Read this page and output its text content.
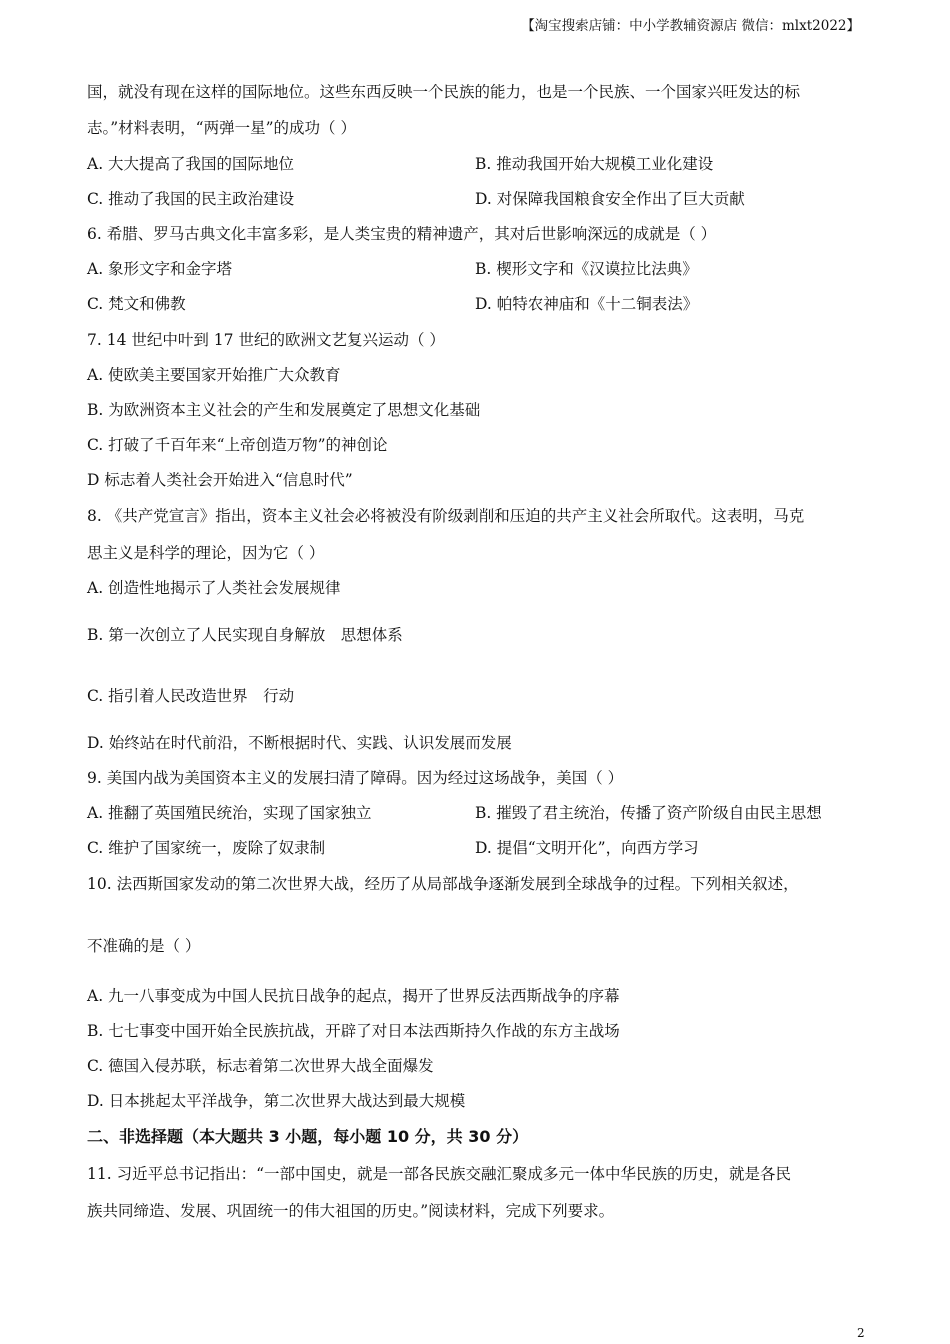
【淘宝搜索店铺：中小学教辅资源店 微信：mlxt2022】
国，就没有现在这样的国际地位。这些东西反映一个民族的能力，也是一个民族、一个国家兴旺发达的标
志。”材料表明，“两弹一星”的成功（ ）
A. 大大提高了我国的国际地位	B. 推动我国开始大规模工业化建设
C. 推动了我国的民主政治建设	D. 对保障我国粮食安全作出了巨大贡献
6. 希腊、罗马古典文化丰富多彩，是人类宝贵的精神遗产，其对后世影响深远的成就是（ ）
A. 象形文字和金字塔	B. 楔形文字和《汉谟拉比法典》
C. 梵文和佛教	D. 帕特农神庙和《十二铜表法》
7. 14 世纪中叶到 17 世纪的欧洲文艺复兴运动（ ）
A. 使欧美主要国家开始推广大众教育
B. 为欧洲资本主义社会的产生和发展奠定了思想文化基础
C. 打破了千百年来“上帝创造万物”的神创论
D 标志着人类社会开始进入“信息时代”
8. 《共产党宣言》指出，资本主义社会必将被没有阶级剥削和压迫的共产主义社会所取代。这表明，马克
思主义是科学的理论，因为它（ ）
A. 创造性地揭示了人类社会发展规律
B. 第一次创立了人民实现自身解放　思想体系
C. 指引着人民改造世界　行动
D. 始终站在时代前沿，不断根据时代、实践、认识发展而发展
9. 美国内战为美国资本主义的发展扫清了障碍。因为经过这场战争，美国（ ）
A. 推翻了英国殖民统治，实现了国家独立	B. 摧毁了君主统治，传播了资产阶级自由民主思想
C. 维护了国家统一，废除了奴隶制	D. 提倡“文明开化”，向西方学习
10. 法西斯国家发动的第二次世界大战，经历了从局部战争逐渐发展到全球战争的过程。下列相关叙述，
不准确的是（ ）
A. 九一八事变成为中国人民抗日战争的起点，揭开了世界反法西斯战争的序幕
B. 七七事变中国开始全民族抗战，开辟了对日本法西斯持久作战的东方主战场
C. 德国入侵苏联，标志着第二次世界大战全面爆发
D. 日本挑起太平洋战争，第二次世界大战达到最大规模
二、非选择题（本大题共 3 小题，每小题 10 分，共 30 分）
11. 习近平总书记指出：“一部中国史，就是一部各民族交融汇聚成多元一体中华民族的历史，就是各民
族共同缔造、发展、巩固统一的伟大祖国的历史。”阅读材料，完成下列要求。
2
